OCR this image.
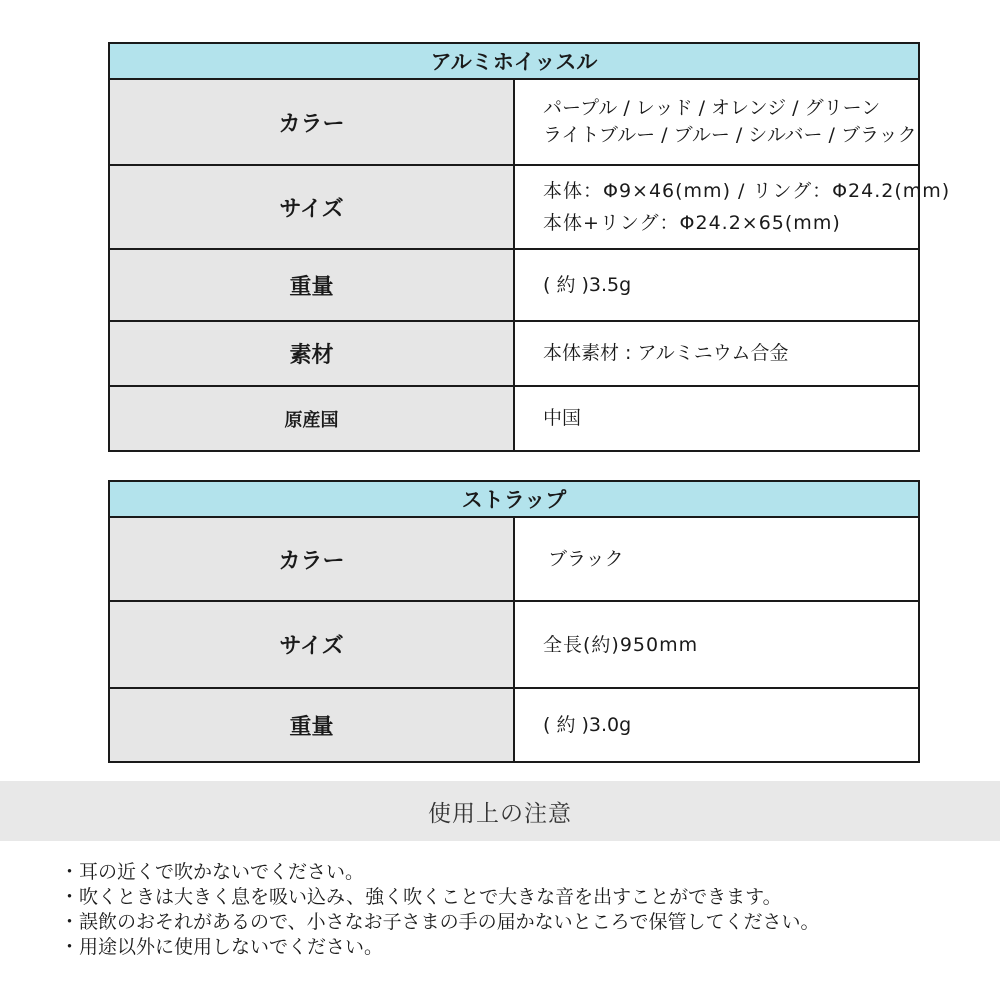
アルミホイッスル	
カラー	パープル / レッド / オレンジ / グリーン
ライトブルー / ブルー / シルバー / ブラック

サイズ	本体：Φ9×46(mm) / リング：Φ24.2(mm)
本体+リング：Φ24.2×65(mm)

重量	( 約 )3.5g
素材	本体素材 : アルミニウム合金
原産国	中国
ストラップ	
カラー	ブラック
サイズ	全長(約)950mm
重量	( 約 )3.0g
使用上の注意
・ 耳の近くで吹かないでください。
・ 吹くときは大きく息を吸い込み、強く吹くことで大きな音を出すことができます。
・ 誤飲のおそれがあるので、小さなお子さまの手の届かないところで保管してください。
・ 用途以外に使用しないでください。
